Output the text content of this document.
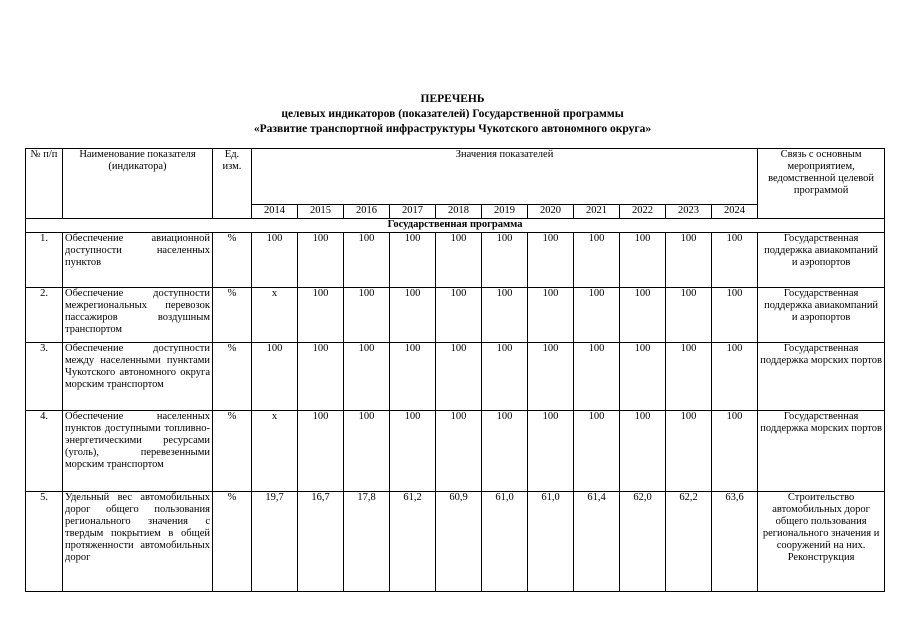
ПЕРЕЧЕНЬ
целевых индикаторов (показателей) Государственной программы
«Развитие транспортной инфраструктуры Чукотского автономного округа»
№ п/п	Наименование показателя (индикатора)	Ед. изм.	Значения показателей											Связь с основным мероприятием, ведомственной целевой программой
			2014	2015	2016	2017	2018	2019	2020	2021	2022	2023	2024	
Государственная программа														
1.	Обеспечение авиационной доступности населенных пунктов	%	100	100	100	100	100	100	100	100	100	100	100	Государственная поддержка авиакомпаний и аэропортов
2.	Обеспечение доступности межрегиональных перевозок пассажиров воздушным транспортом	%	x	100	100	100	100	100	100	100	100	100	100	Государственная поддержка авиакомпаний и аэропортов
3.	Обеспечение доступности между населенными пунктами Чукотского автономного округа морским транспортом	%	100	100	100	100	100	100	100	100	100	100	100	Государственная поддержка морских портов
4.	Обеспечение населенных пунктов доступными топливно-энергетическими ресурсами (уголь), перевезенными морским транспортом	%	x	100	100	100	100	100	100	100	100	100	100	Государственная поддержка морских портов
5.	Удельный вес автомобильных дорог общего пользования регионального значения с твердым покрытием в общей протяженности автомобильных дорог	%	19,7	16,7	17,8	61,2	60,9	61,0	61,0	61,4	62,0	62,2	63,6	Строительство автомобильных дорог общего пользования регионального значения и сооружений на них. Реконструкция
